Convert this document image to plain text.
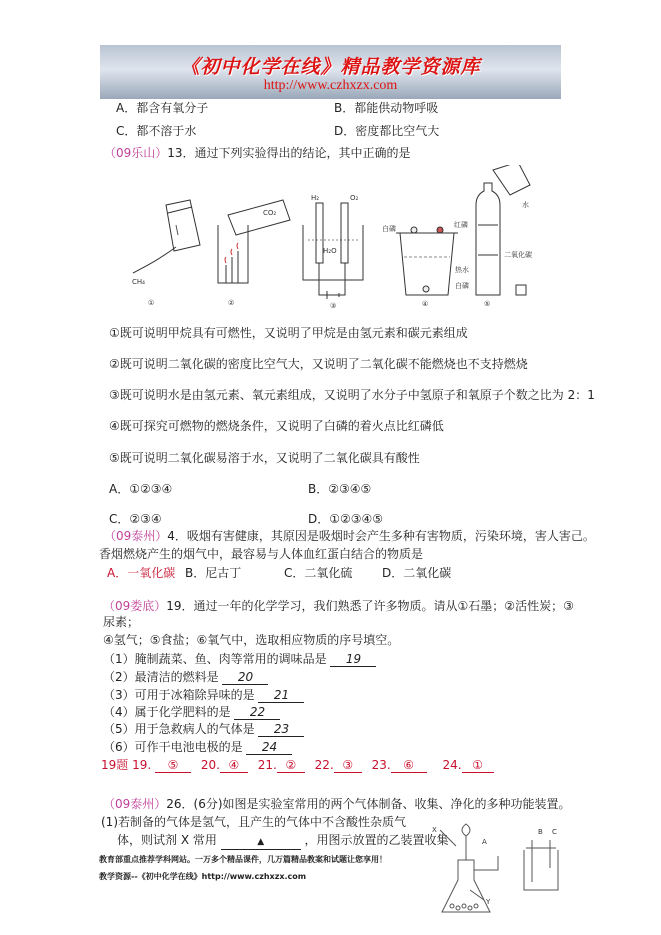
《初中化学在线》精品教学资源库
http://www.czhxzx.com
A．都含有氧分子	B．都能供动物呼吸
C．都不溶于水	D．密度都比空气大
（09乐山）13．通过下列实验得出的结论，其中正确的是
CH₄
CO₂
H₂	O₂
H₂O
白磷	红磷
热水
白磷
水
二氧化碳
①	②	③	④	⑤
①既可说明甲烷具有可燃性，又说明了甲烷是由氢元素和碳元素组成
②既可说明二氧化碳的密度比空气大，又说明了二氧化碳不能燃烧也不支持燃烧
③既可说明水是由氢元素、氧元素组成，又说明了水分子中氢原子和氧原子个数之比为 2：1
④既可探究可燃物的燃烧条件，又说明了白磷的着火点比红磷低
⑤既可说明二氧化碳易溶于水，又说明了二氧化碳具有酸性
A．①②③④	B．②③④⑤
C．②③④	D．①②③④⑤
（09泰州）4．吸烟有害健康，其原因是吸烟时会产生多种有害物质，污染环境，害人害己。
香烟燃烧产生的烟气中，最容易与人体血红蛋白结合的物质是
A．一氧化碳 B．尼古丁	C．二氧化硫 D．二氧化碳
（09娄底）19．通过一年的化学学习，我们熟悉了许多物质。请从①石墨；②活性炭；③
尿素；
④氢气；⑤食盐；⑥氧气中，选取相应物质的序号填空。
（1）腌制蔬菜、鱼、肉等常用的调味品是 19
（2）最清洁的燃料是 20
（3）可用于冰箱除异味的是 21
（4）属于化学肥料的是 22
（5）用于急救病人的气体是 23
（6）可作干电池电极的是 24
19题 19. ⑤ 20. ④ 21. ② 22. ③ 23. ⑥ 24. ①
（09泰州）26．(6分)如图是实验室常用的两个气体制备、收集、净化的多种功能装置。
(1)若制备的气体是氢气，且产生的气体中不含酸性杂质气
体，则试剂 X 常用	▲	，用图示放置的乙装置收集
X
A
Y
B C
教育部重点推荐学科网站。一万多个精品课件，几万篇精品教案和试题让您享用！
教学资源--《初中化学在线》http://www.czhxzx.com
